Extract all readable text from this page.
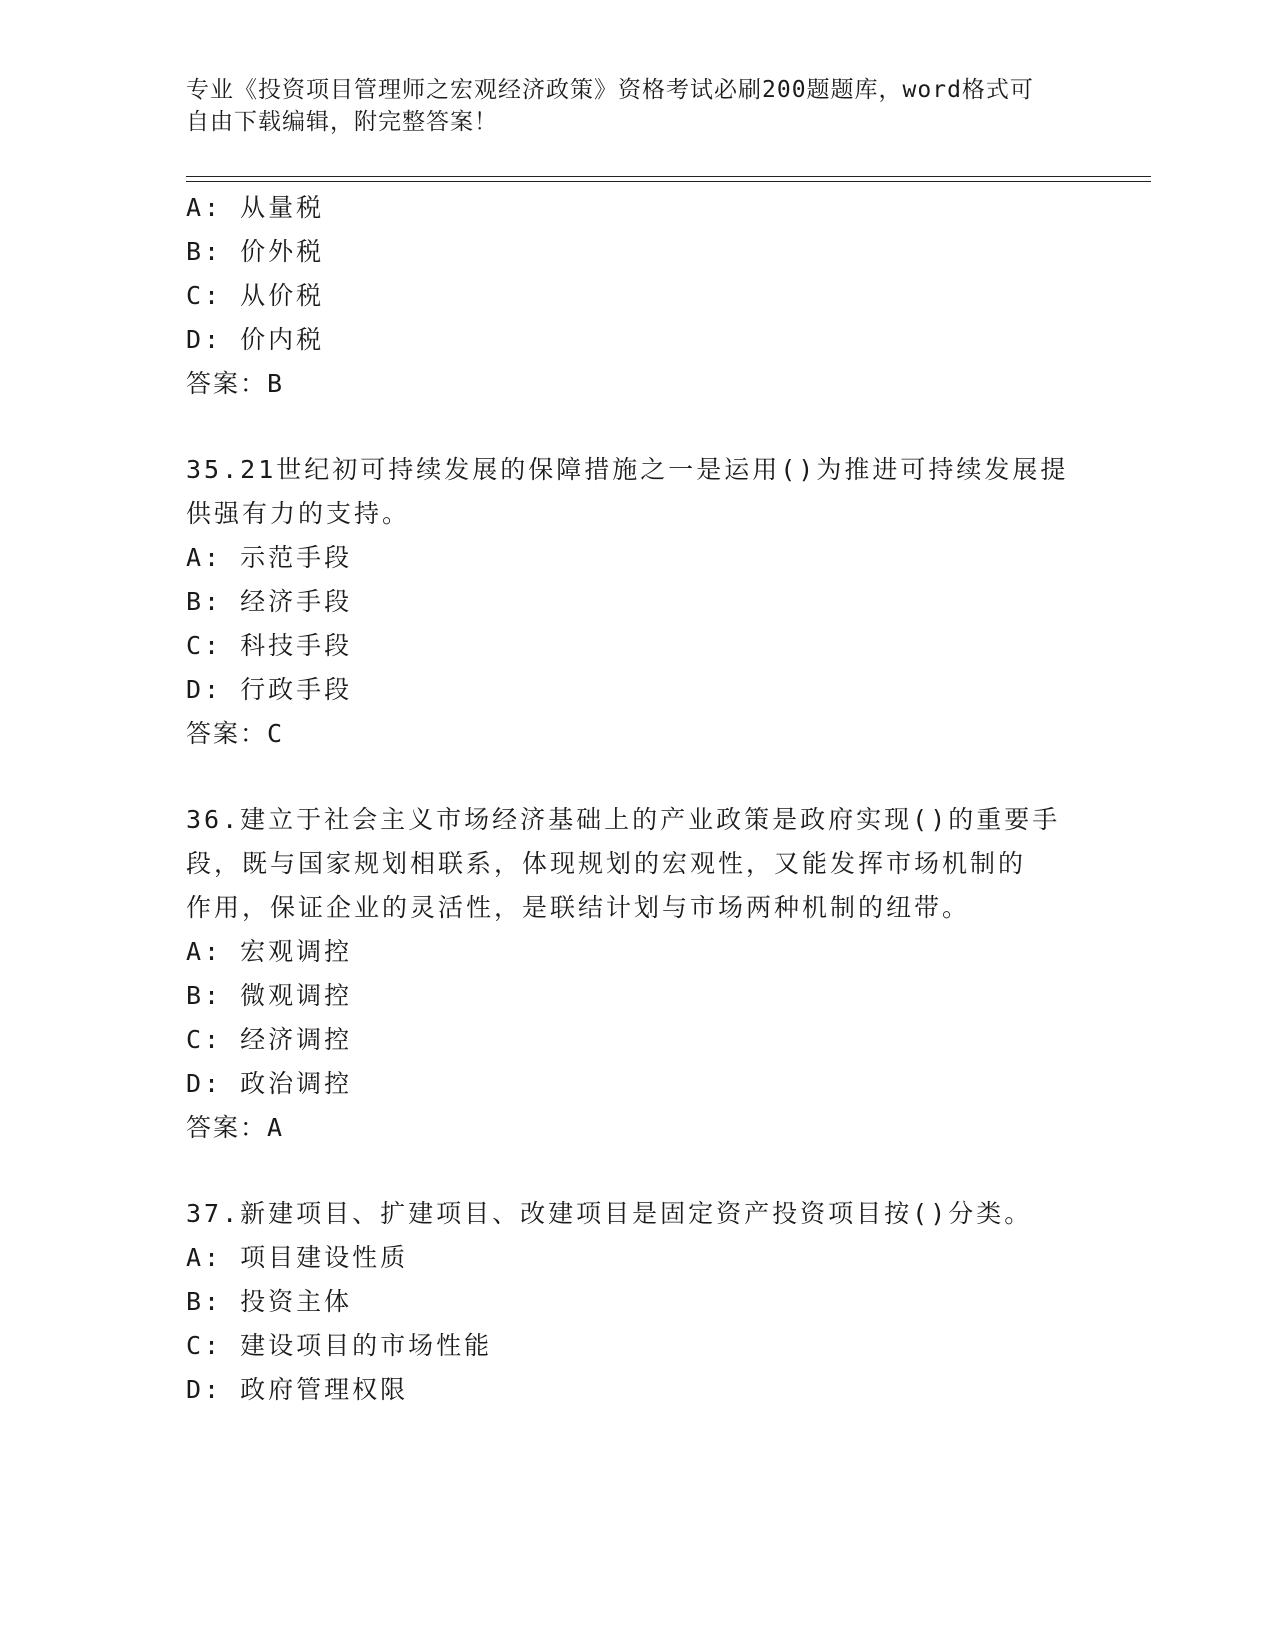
专业《投资项目管理师之宏观经济政策》资格考试必刷200题题库，word格式可
自由下载编辑，附完整答案！
A: 从量税
B: 价外税
C: 从价税
D: 价内税
答案：B
35.21世纪初可持续发展的保障措施之一是运用()为推进可持续发展提
供强有力的支持。
A: 示范手段
B: 经济手段
C: 科技手段
D: 行政手段
答案：C
36.建立于社会主义市场经济基础上的产业政策是政府实现()的重要手
段，既与国家规划相联系，体现规划的宏观性，又能发挥市场机制的
作用，保证企业的灵活性，是联结计划与市场两种机制的纽带。
A: 宏观调控
B: 微观调控
C: 经济调控
D: 政治调控
答案：A
37.新建项目、扩建项目、改建项目是固定资产投资项目按()分类。
A: 项目建设性质
B: 投资主体
C: 建设项目的市场性能
D: 政府管理权限
